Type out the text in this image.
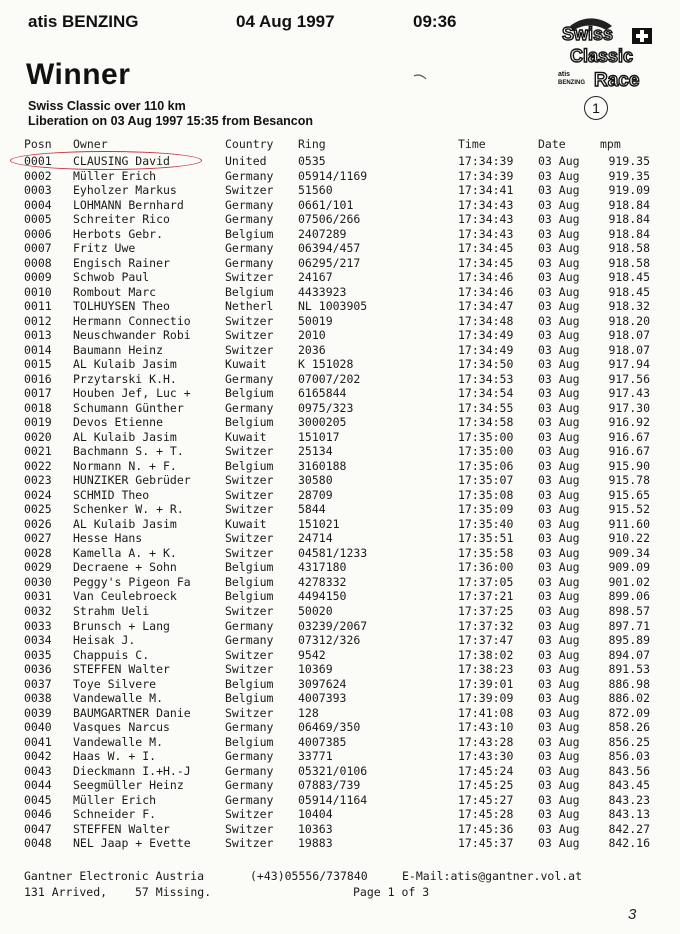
atis BENZING	04 Aug 1997	09:36
Swiss
Classic
atis
BENZING Race
Winner
Swiss Classic over 110 km
Liberation on 03 Aug 1997 15:35 from Besancon
1
Posn Owner	Country Ring	Time	Date	mpm
0001 CLAUSING David	United	0535	17:34:39 03 Aug	919.35
0002 Müller Erich	Germany 05914/1169	17:34:39 03 Aug	919.35
0003 Eyholzer Markus	Switzer 51560	17:34:41 03 Aug	919.09
0004 LOHMANN Bernhard	Germany 0661/101	17:34:43 03 Aug	918.84
0005 Schreiter Rico	Germany 07506/266	17:34:43 03 Aug	918.84
0006 Herbots Gebr.	Belgium 2407289	17:34:43 03 Aug	918.84
0007 Fritz Uwe	Germany 06394/457	17:34:45 03 Aug	918.58
0008 Engisch Rainer	Germany 06295/217	17:34:45 03 Aug	918.58
0009 Schwob Paul	Switzer 24167	17:34:46 03 Aug	918.45
0010 Rombout Marc	Belgium 4433923	17:34:46 03 Aug	918.45
0011 TOLHUYSEN Theo	Netherl NL 1003905	17:34:47 03 Aug	918.32
0012 Hermann Connectio	Switzer 50019	17:34:48 03 Aug	918.20
0013 Neuschwander Robi	Switzer 2010	17:34:49 03 Aug	918.07
0014 Baumann Heinz	Switzer 2036	17:34:49 03 Aug	918.07
0015 AL Kulaib Jasim	Kuwait	K 151028	17:34:50 03 Aug	917.94
0016 Przytarski K.H.	Germany 07007/202	17:34:53 03 Aug	917.56
0017 Houben Jef, Luc +	Belgium 6165844	17:34:54 03 Aug	917.43
0018 Schumann Günther	Germany 0975/323	17:34:55 03 Aug	917.30
0019 Devos Etienne	Belgium 3000205	17:34:58 03 Aug	916.92
0020 AL Kulaib Jasim	Kuwait	151017	17:35:00 03 Aug	916.67
0021 Bachmann S. + T.	Switzer 25134	17:35:00 03 Aug	916.67
0022 Normann N. + F.	Belgium 3160188	17:35:06 03 Aug	915.90
0023 HUNZIKER Gebrüder	Switzer 30580	17:35:07 03 Aug	915.78
0024 SCHMID Theo	Switzer 28709	17:35:08 03 Aug	915.65
0025 Schenker W. + R.	Switzer 5844	17:35:09 03 Aug	915.52
0026 AL Kulaib Jasim	Kuwait	151021	17:35:40 03 Aug	911.60
0027 Hesse Hans	Switzer 24714	17:35:51 03 Aug	910.22
0028 Kamella A. + K.	Switzer 04581/1233	17:35:58 03 Aug	909.34
0029 Decraene + Sohn	Belgium 4317180	17:36:00 03 Aug	909.09
0030 Peggy's Pigeon Fa	Belgium 4278332	17:37:05 03 Aug	901.02
0031 Van Ceulebroeck	Belgium 4494150	17:37:21 03 Aug	899.06
0032 Strahm Ueli	Switzer 50020	17:37:25 03 Aug	898.57
0033 Brunsch + Lang	Germany 03239/2067	17:37:32 03 Aug	897.71
0034 Heisak J.	Germany 07312/326	17:37:47 03 Aug	895.89
0035 Chappuis C.	Switzer 9542	17:38:02 03 Aug	894.07
0036 STEFFEN Walter	Switzer 10369	17:38:23 03 Aug	891.53
0037 Toye Silvere	Belgium 3097624	17:39:01 03 Aug	886.98
0038 Vandewalle M.	Belgium 4007393	17:39:09 03 Aug	886.02
0039 BAUMGARTNER Danie	Switzer 128	17:41:08 03 Aug	872.09
0040 Vasques Narcus	Germany 06469/350	17:43:10 03 Aug	858.26
0041 Vandewalle M.	Belgium 4007385	17:43:28 03 Aug	856.25
0042 Haas W. + I.	Germany 33771	17:43:30 03 Aug	856.03
0043 Dieckmann I.+H.-J	Germany 05321/0106	17:45:24 03 Aug	843.56
0044 Seegmüller Heinz	Germany 07883/739	17:45:25 03 Aug	843.45
0045 Müller Erich	Germany 05914/1164	17:45:27 03 Aug	843.23
0046 Schneider F.	Switzer 10404	17:45:28 03 Aug	843.13
0047 STEFFEN Walter	Switzer 10363	17:45:36 03 Aug	842.27
0048 NEL Jaap + Evette	Switzer 19883	17:45:37 03 Aug	842.16
Gantner Electronic Austria	(+43)05556/737840	E-Mail:atis@gantner.vol.at
131 Arrived, 57 Missing.	Page 1 of 3
3
